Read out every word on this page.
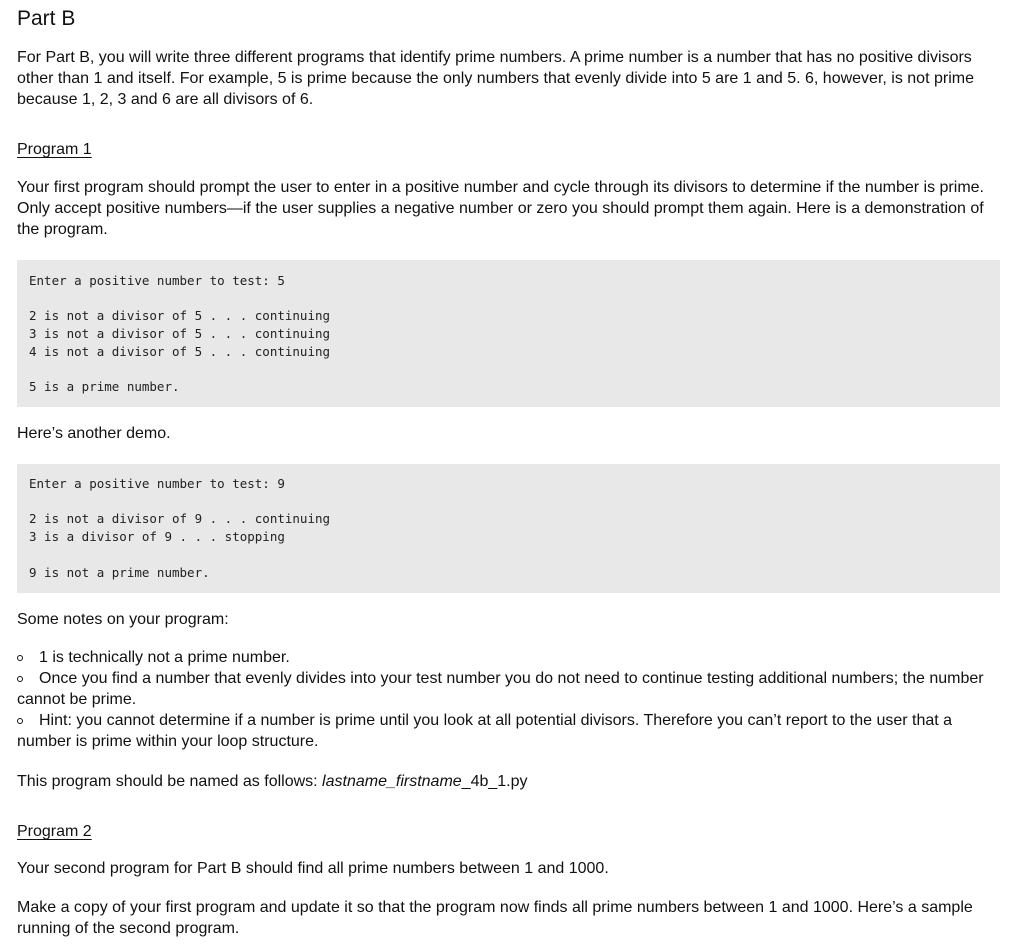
Part B

For Part B, you will write three different programs that identify prime numbers. A prime number is a number that has no positive divisors other than 1 and itself. For example, 5 is prime because the only numbers that evenly divide into 5 are 1 and 5. 6, however, is not prime because 1, 2, 3 and 6 are all divisors of 6.

Program 1

Your first program should prompt the user to enter in a positive number and cycle through its divisors to determine if the number is prime. Only accept positive numbers—if the user supplies a negative number or zero you should prompt them again. Here is a demonstration of the program.

Enter a positive number to test: 5
2 is not a divisor of 5 . . . continuing
3 is not a divisor of 5 . . . continuing
4 is not a divisor of 5 . . . continuing
5 is a prime number.

Here’s another demo.

Enter a positive number to test: 9
2 is not a divisor of 9 . . . continuing
3 is a divisor of 9 . . . stopping
9 is not a prime number.

Some notes on your program:

1 is technically not a prime number.
Once you find a number that evenly divides into your test number you do not need to continue testing additional numbers; the number cannot be prime.
Hint: you cannot determine if a number is prime until you look at all potential divisors. Therefore you can’t report to the user that a number is prime within your loop structure.

This program should be named as follows: lastname_firstname_4b_1.py

Program 2

Your second program for Part B should find all prime numbers between 1 and 1000.

Make a copy of your first program and update it so that the program now finds all prime numbers between 1 and 1000. Here’s a sample running of the second program.
